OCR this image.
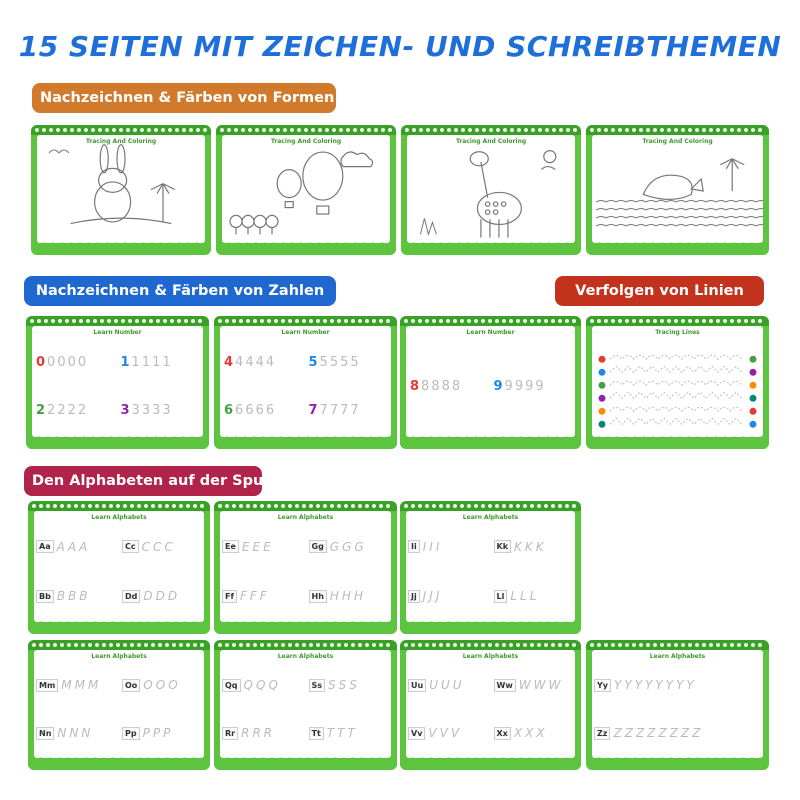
15 SEITEN MIT ZEICHEN- UND SCHREIBTHEMEN
Nachzeichnen & Färben von Formen
Nachzeichnen & Färben von Zahlen	Verfolgen von Linien
Den Alphabeten auf der Spur
Tracing And Coloring	Tracing And Coloring	Tracing And Coloring	Tracing And Coloring
Learn Number
0 0 0 0 0	1 1 1 1 1
2 2 2 2 2	3 3 3 3 3
Learn Number
4 4 4 4 4	5 5 5 5 5
6 6 6 6 6	7 7 7 7 7
Learn Number
8 8 8 8 8	9 9 9 9 9
Tracing Lines
Learn Alphabets
Aa A A A	Cc C C C
Bb B B B	Dd D D D
Learn Alphabets
Ee E E E	Gg G G G
Ff F F F	Hh H H H
Learn Alphabets
Ii I I I	Kk K K K
Jj J J J	Ll L L L
Learn Alphabets
Mm M M M	Oo O O O
Nn N N N	Pp P P P
Learn Alphabets
Qq Q Q Q	Ss S S S
Rr R R R	Tt T T T
Learn Alphabets
Uu U U U	Ww W W W
Vv V V V	Xx X X X
Learn Alphabets
Yy Y Y Y Y Y Y Y Y
Zz Z Z Z Z Z Z Z Z
